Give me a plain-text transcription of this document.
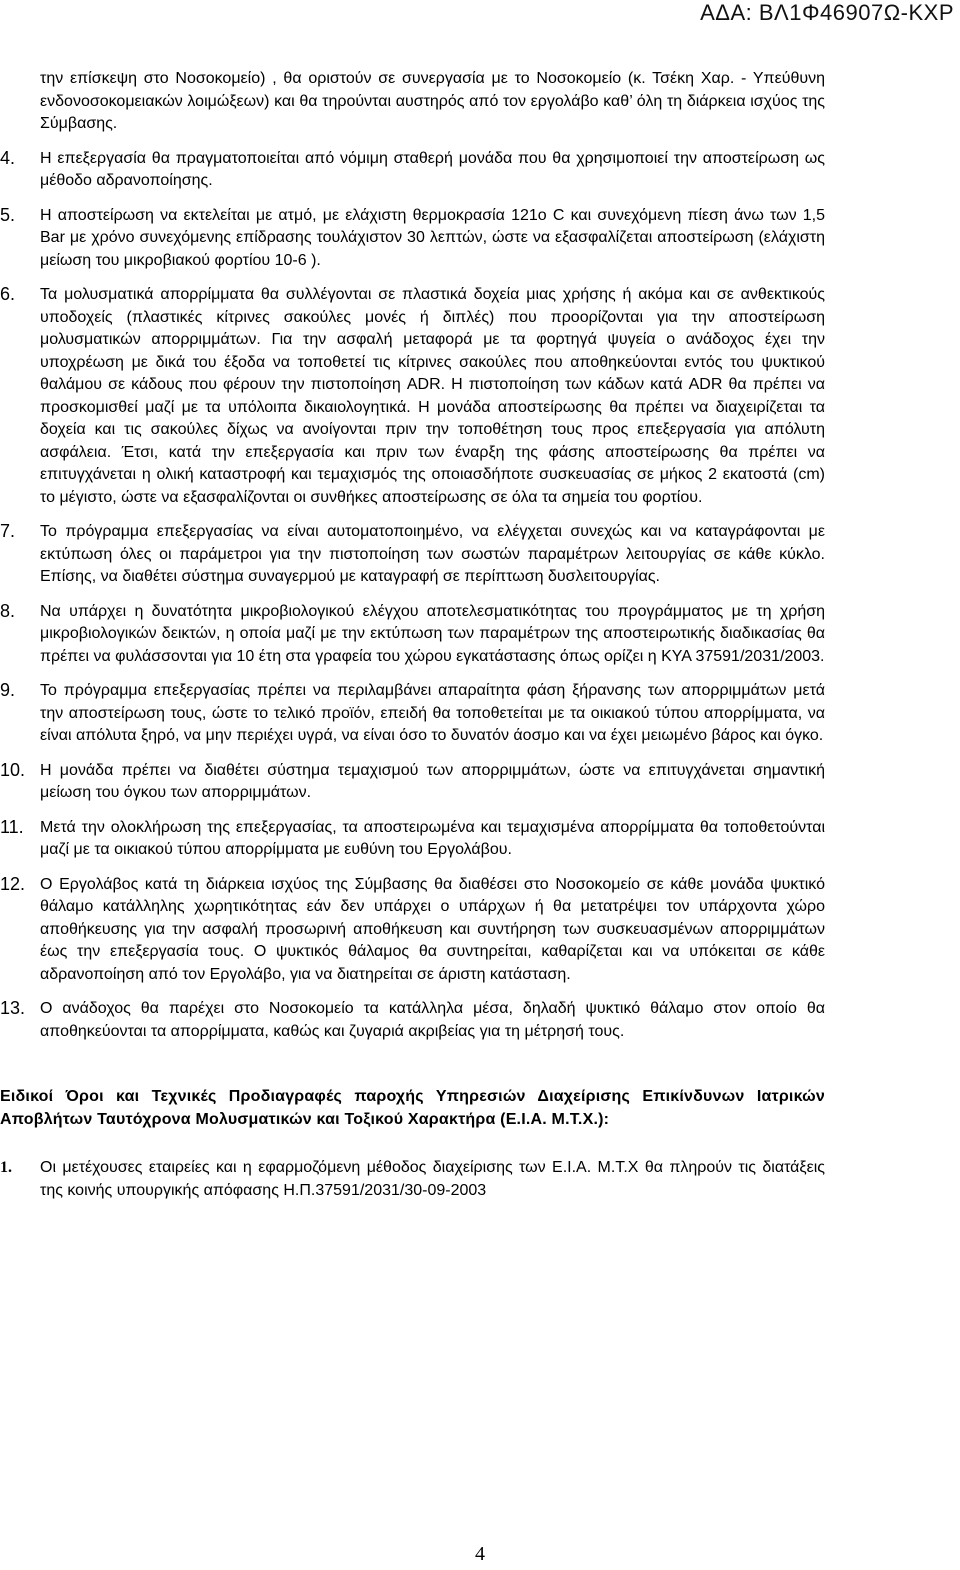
ΑΔΑ: ΒΛ1Φ46907Ω-ΚΧΡ

την επίσκεψη στο Νοσοκομείο) , θα οριστούν σε συνεργασία με το Νοσοκομείο (κ. Τσέκη Χαρ. - Υπεύθυνη ενδονοσοκομειακών λοιμώξεων) και θα τηρούνται αυστηρός από τον εργολάβο καθ’ όλη τη διάρκεια ισχύος της Σύμβασης.

4.	Η επεξεργασία θα πραγματοποιείται από νόμιμη σταθερή μονάδα που θα χρησιμοποιεί την αποστείρωση ως μέθοδο αδρανοποίησης.

5.	Η αποστείρωση να εκτελείται με ατμό, με ελάχιστη θερμοκρασία 121ο C και συνεχόμενη πίεση άνω των 1,5 Bar με χρόνο συνεχόμενης επίδρασης τουλάχιστον 30 λεπτών, ώστε να εξασφαλίζεται αποστείρωση (ελάχιστη μείωση του μικροβιακού φορτίου 10-6 ).

6.	Τα μολυσματικά απορρίμματα θα συλλέγονται σε πλαστικά δοχεία μιας χρήσης ή ακόμα και σε ανθεκτικούς υποδοχείς (πλαστικές κίτρινες σακούλες μονές ή διπλές) που προορίζονται για την αποστείρωση μολυσματικών απορριμμάτων. Για την ασφαλή μεταφορά με τα φορτηγά ψυγεία ο ανάδοχος έχει την υποχρέωση με δικά του έξοδα να τοποθετεί τις κίτρινες σακούλες που αποθηκεύονται εντός του ψυκτικού θαλάμου σε κάδους που φέρουν την πιστοποίηση ADR. Η πιστοποίηση των κάδων κατά ADR θα πρέπει να προσκομισθεί μαζί με τα υπόλοιπα δικαιολογητικά. Η μονάδα αποστείρωσης θα πρέπει να διαχειρίζεται τα δοχεία και τις σακούλες δίχως να ανοίγονται πριν την τοποθέτηση τους προς επεξεργασία για απόλυτη ασφάλεια. Έτσι, κατά την επεξεργασία και πριν των έναρξη της φάσης αποστείρωσης θα πρέπει να επιτυγχάνεται η ολική καταστροφή και τεμαχισμός της οποιασδήποτε συσκευασίας σε μήκος 2 εκατοστά (cm) το μέγιστο, ώστε να εξασφαλίζονται οι συνθήκες αποστείρωσης σε όλα τα σημεία του φορτίου.

7.	Το πρόγραμμα επεξεργασίας να είναι αυτοματοποιημένο, να ελέγχεται συνεχώς και να καταγράφονται με εκτύπωση όλες οι παράμετροι για την πιστοποίηση των σωστών παραμέτρων λειτουργίας σε κάθε κύκλο. Επίσης, να διαθέτει σύστημα συναγερμού με καταγραφή σε περίπτωση δυσλειτουργίας.

8.	Να υπάρχει η δυνατότητα μικροβιολογικού ελέγχου αποτελεσματικότητας του προγράμματος με τη χρήση μικροβιολογικών δεικτών, η οποία μαζί με την εκτύπωση των παραμέτρων της αποστειρωτικής διαδικασίας θα πρέπει να φυλάσσονται για 10 έτη στα γραφεία του χώρου εγκατάστασης όπως ορίζει η ΚΥΑ 37591/2031/2003.

9.	Το πρόγραμμα επεξεργασίας πρέπει να περιλαμβάνει απαραίτητα φάση ξήρανσης των απορριμμάτων μετά την αποστείρωση τους, ώστε το τελικό προϊόν, επειδή θα τοποθετείται με τα οικιακού τύπου απορρίμματα, να είναι απόλυτα ξηρό, να μην περιέχει υγρά, να είναι όσο το δυνατόν άοσμο και να έχει μειωμένο βάρος και όγκο.

10. Η μονάδα πρέπει να διαθέτει σύστημα τεμαχισμού των απορριμμάτων, ώστε να επιτυγχάνεται σημαντική μείωση του όγκου των απορριμμάτων.

11.	Μετά την ολοκλήρωση της επεξεργασίας, τα αποστειρωμένα και τεμαχισμένα απορρίμματα θα τοποθετούνται μαζί με τα οικιακού τύπου απορρίμματα με ευθύνη του Εργολάβου.

12. Ο Εργολάβος κατά τη διάρκεια ισχύος της Σύμβασης θα διαθέσει στο Νοσοκομείο σε κάθε μονάδα ψυκτικό θάλαμο κατάλληλης χωρητικότητας εάν δεν υπάρχει ο υπάρχων ή θα μετατρέψει τον υπάρχοντα χώρο αποθήκευσης για την ασφαλή προσωρινή αποθήκευση και συντήρηση των συσκευασμένων απορριμμάτων έως την επεξεργασία τους. Ο ψυκτικός θάλαμος θα συντηρείται, καθαρίζεται και να υπόκειται σε κάθε αδρανοποίηση από τον Εργολάβο, για να διατηρείται σε άριστη κατάσταση.

13. Ο ανάδοχος θα παρέχει στο Νοσοκομείο τα κατάλληλα μέσα, δηλαδή ψυκτικό θάλαμο στον οποίο θα αποθηκεύονται τα απορρίμματα, καθώς και ζυγαριά ακριβείας για τη μέτρησή τους.

Ειδικοί Όροι και Τεχνικές Προδιαγραφές παροχής Υπηρεσιών Διαχείρισης Επικίνδυνων Ιατρικών Αποβλήτων Ταυτόχρονα Μολυσματικών και Τοξικού Χαρακτήρα (Ε.Ι.Α. Μ.Τ.Χ.):
1. Οι μετέχουσες εταιρείες και η εφαρμοζόμενη μέθοδος διαχείρισης των Ε.Ι.Α. Μ.Τ.Χ θα πληρούν τις διατάξεις της κοινής υπουργικής απόφασης Η.Π.37591/2031/30-09-2003

4
